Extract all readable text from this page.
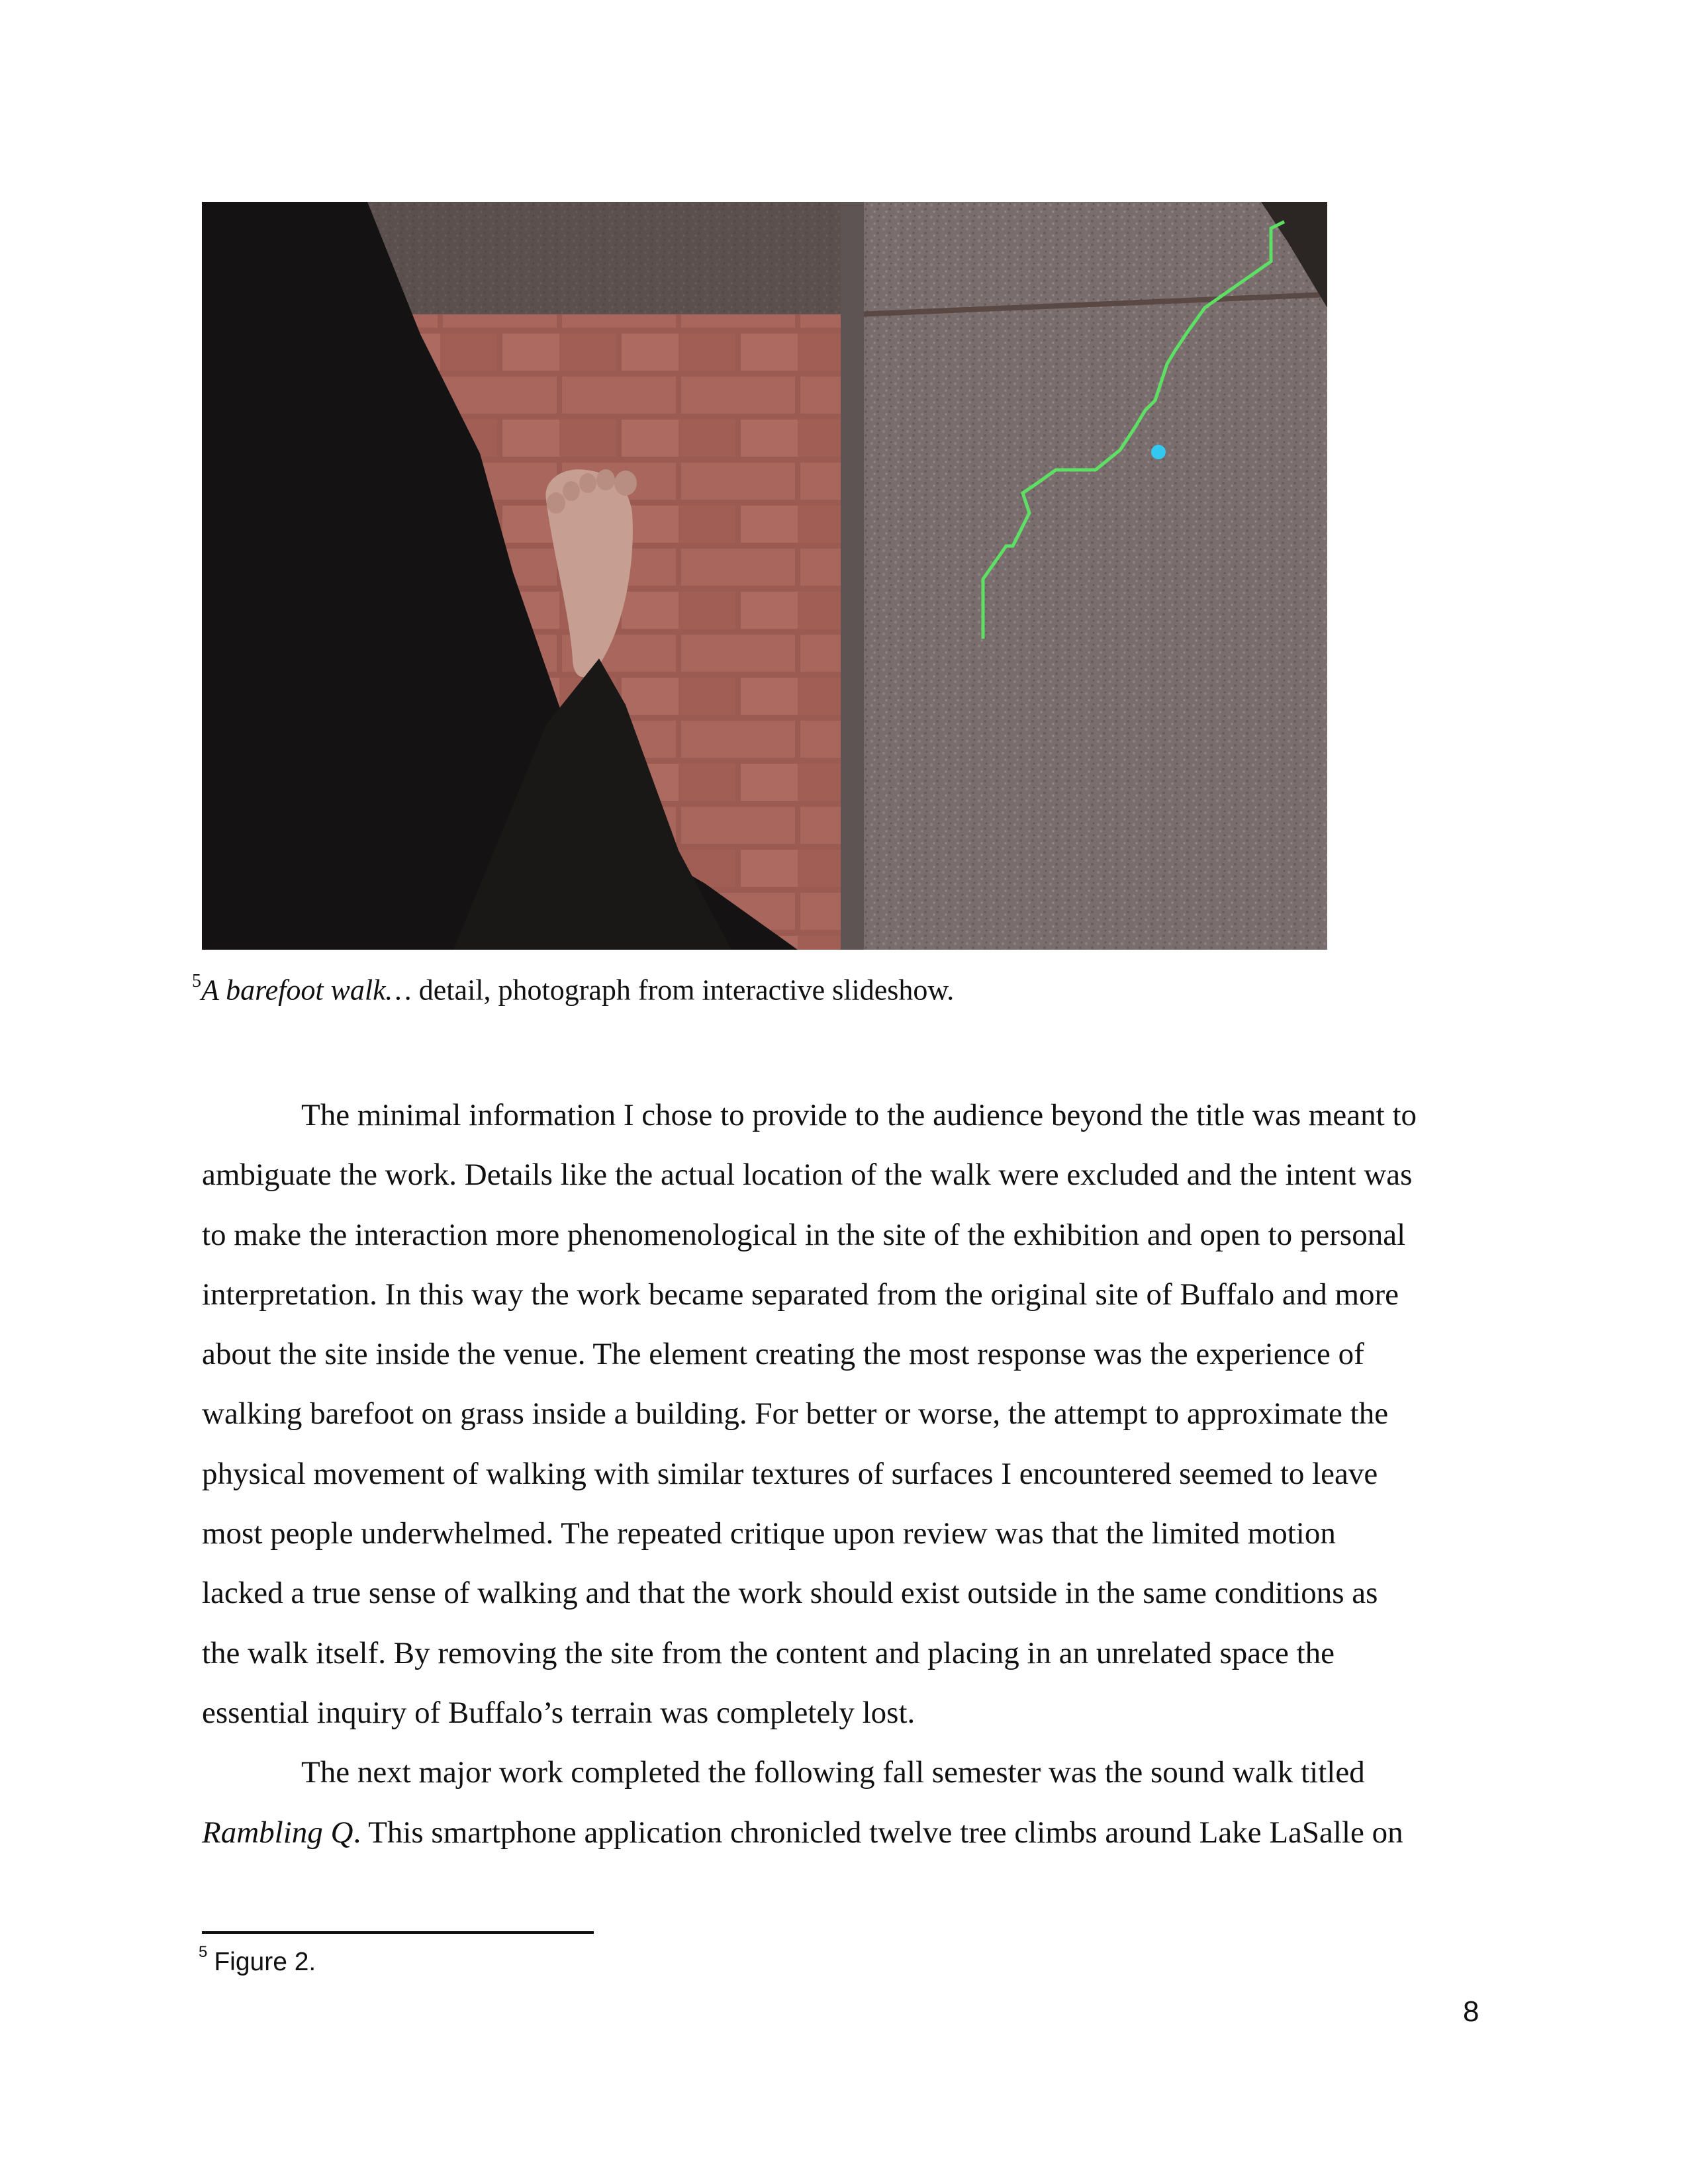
$^5$A barefoot walk… detail, photograph from interactive slideshow.

The minimal information I chose to provide to the audience beyond the title was meant to
ambiguate the work. Details like the actual location of the walk were excluded and the intent was
to make the interaction more phenomenological in the site of the exhibition and open to personal
interpretation. In this way the work became separated from the original site of Buffalo and more
about the site inside the venue. The element creating the most response was the experience of
walking barefoot on grass inside a building. For better or worse, the attempt to approximate the
physical movement of walking with similar textures of surfaces I encountered seemed to leave
most people underwhelmed. The repeated critique upon review was that the limited motion
lacked a true sense of walking and that the work should exist outside in the same conditions as
the walk itself. By removing the site from the content and placing in an unrelated space the
essential inquiry of Buffalo’s terrain was completely lost.

The next major work completed the following fall semester was the sound walk titled
Rambling Q. This smartphone application chronicled twelve tree climbs around Lake LaSalle on

$^5$ Figure 2.
8
